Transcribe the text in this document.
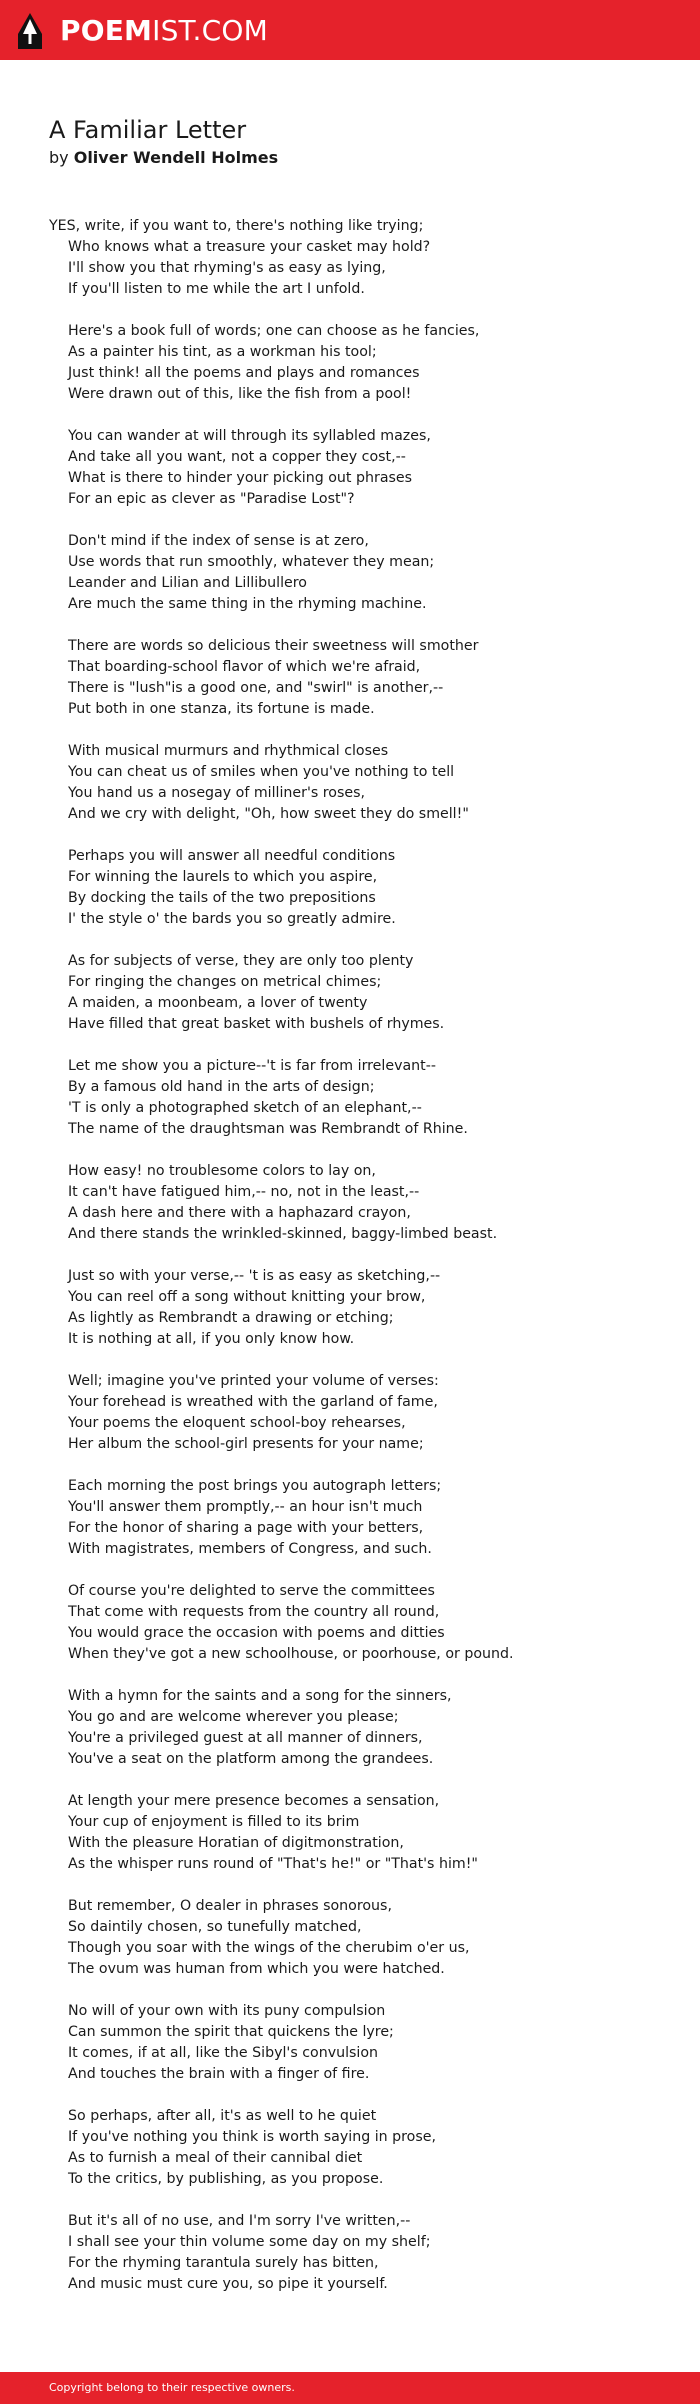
POEMIST.COM
A Familiar Letter
by Oliver Wendell Holmes
YES, write, if you want to, there's nothing like trying;
Who knows what a treasure your casket may hold?
I'll show you that rhyming's as easy as lying,
If you'll listen to me while the art I unfold.
Here's a book full of words; one can choose as he fancies,
As a painter his tint, as a workman his tool;
Just think! all the poems and plays and romances
Were drawn out of this, like the fish from a pool!
You can wander at will through its syllabled mazes,
And take all you want, not a copper they cost,--
What is there to hinder your picking out phrases
For an epic as clever as "Paradise Lost"?
Don't mind if the index of sense is at zero,
Use words that run smoothly, whatever they mean;
Leander and Lilian and Lillibullero
Are much the same thing in the rhyming machine.
There are words so delicious their sweetness will smother
That boarding-school flavor of which we're afraid,
There is "lush"is a good one, and "swirl" is another,--
Put both in one stanza, its fortune is made.
With musical murmurs and rhythmical closes
You can cheat us of smiles when you've nothing to tell
You hand us a nosegay of milliner's roses,
And we cry with delight, "Oh, how sweet they do smell!"
Perhaps you will answer all needful conditions
For winning the laurels to which you aspire,
By docking the tails of the two prepositions
I' the style o' the bards you so greatly admire.
As for subjects of verse, they are only too plenty
For ringing the changes on metrical chimes;
A maiden, a moonbeam, a lover of twenty
Have filled that great basket with bushels of rhymes.
Let me show you a picture--'t is far from irrelevant--
By a famous old hand in the arts of design;
'T is only a photographed sketch of an elephant,--
The name of the draughtsman was Rembrandt of Rhine.
How easy! no troublesome colors to lay on,
It can't have fatigued him,-- no, not in the least,--
A dash here and there with a haphazard crayon,
And there stands the wrinkled-skinned, baggy-limbed beast.
Just so with your verse,-- 't is as easy as sketching,--
You can reel off a song without knitting your brow,
As lightly as Rembrandt a drawing or etching;
It is nothing at all, if you only know how.
Well; imagine you've printed your volume of verses:
Your forehead is wreathed with the garland of fame,
Your poems the eloquent school-boy rehearses,
Her album the school-girl presents for your name;
Each morning the post brings you autograph letters;
You'll answer them promptly,-- an hour isn't much
For the honor of sharing a page with your betters,
With magistrates, members of Congress, and such.
Of course you're delighted to serve the committees
That come with requests from the country all round,
You would grace the occasion with poems and ditties
When they've got a new schoolhouse, or poorhouse, or pound.
With a hymn for the saints and a song for the sinners,
You go and are welcome wherever you please;
You're a privileged guest at all manner of dinners,
You've a seat on the platform among the grandees.
At length your mere presence becomes a sensation,
Your cup of enjoyment is filled to its brim
With the pleasure Horatian of digitmonstration,
As the whisper runs round of "That's he!" or "That's him!"
But remember, O dealer in phrases sonorous,
So daintily chosen, so tunefully matched,
Though you soar with the wings of the cherubim o'er us,
The ovum was human from which you were hatched.
No will of your own with its puny compulsion
Can summon the spirit that quickens the lyre;
It comes, if at all, like the Sibyl's convulsion
And touches the brain with a finger of fire.
So perhaps, after all, it's as well to he quiet
If you've nothing you think is worth saying in prose,
As to furnish a meal of their cannibal diet
To the critics, by publishing, as you propose.
But it's all of no use, and I'm sorry I've written,--
I shall see your thin volume some day on my shelf;
For the rhyming tarantula surely has bitten,
And music must cure you, so pipe it yourself.
Copyright belong to their respective owners.
